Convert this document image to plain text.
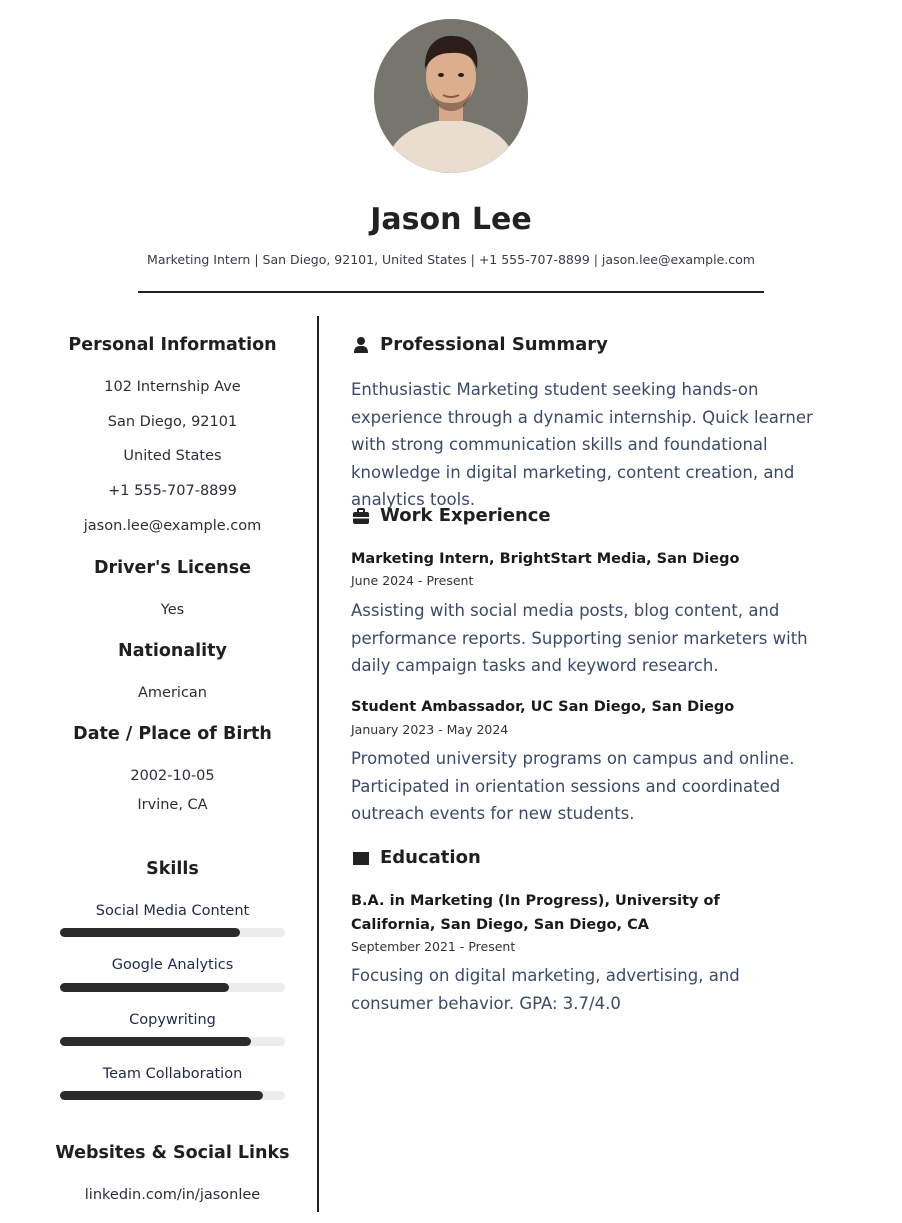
Jason Lee
Marketing Intern | San Diego, 92101, United States | +1 555-707-8899 | jason.lee@example.com
Personal Information
102 Internship Ave
San Diego, 92101
United States
+1 555-707-8899
jason.lee@example.com
Driver's License
Yes
Nationality
American
Date / Place of Birth
2002-10-05
Irvine, CA
Skills
Social Media Content
Google Analytics
Copywriting
Team Collaboration
Websites & Social Links
linkedin.com/in/jasonlee
Professional Summary
Enthusiastic Marketing student seeking hands-on experience through a dynamic internship. Quick learner with strong communication skills and foundational knowledge in digital marketing, content creation, and analytics tools.
Work Experience
Marketing Intern, BrightStart Media, San Diego
June 2024 - Present
Assisting with social media posts, blog content, and performance reports. Supporting senior marketers with daily campaign tasks and keyword research.
Student Ambassador, UC San Diego, San Diego
January 2023 - May 2024
Promoted university programs on campus and online. Participated in orientation sessions and coordinated outreach events for new students.
Education
B.A. in Marketing (In Progress), University of California, San Diego, San Diego, CA
September 2021 - Present
Focusing on digital marketing, advertising, and consumer behavior. GPA: 3.7/4.0
